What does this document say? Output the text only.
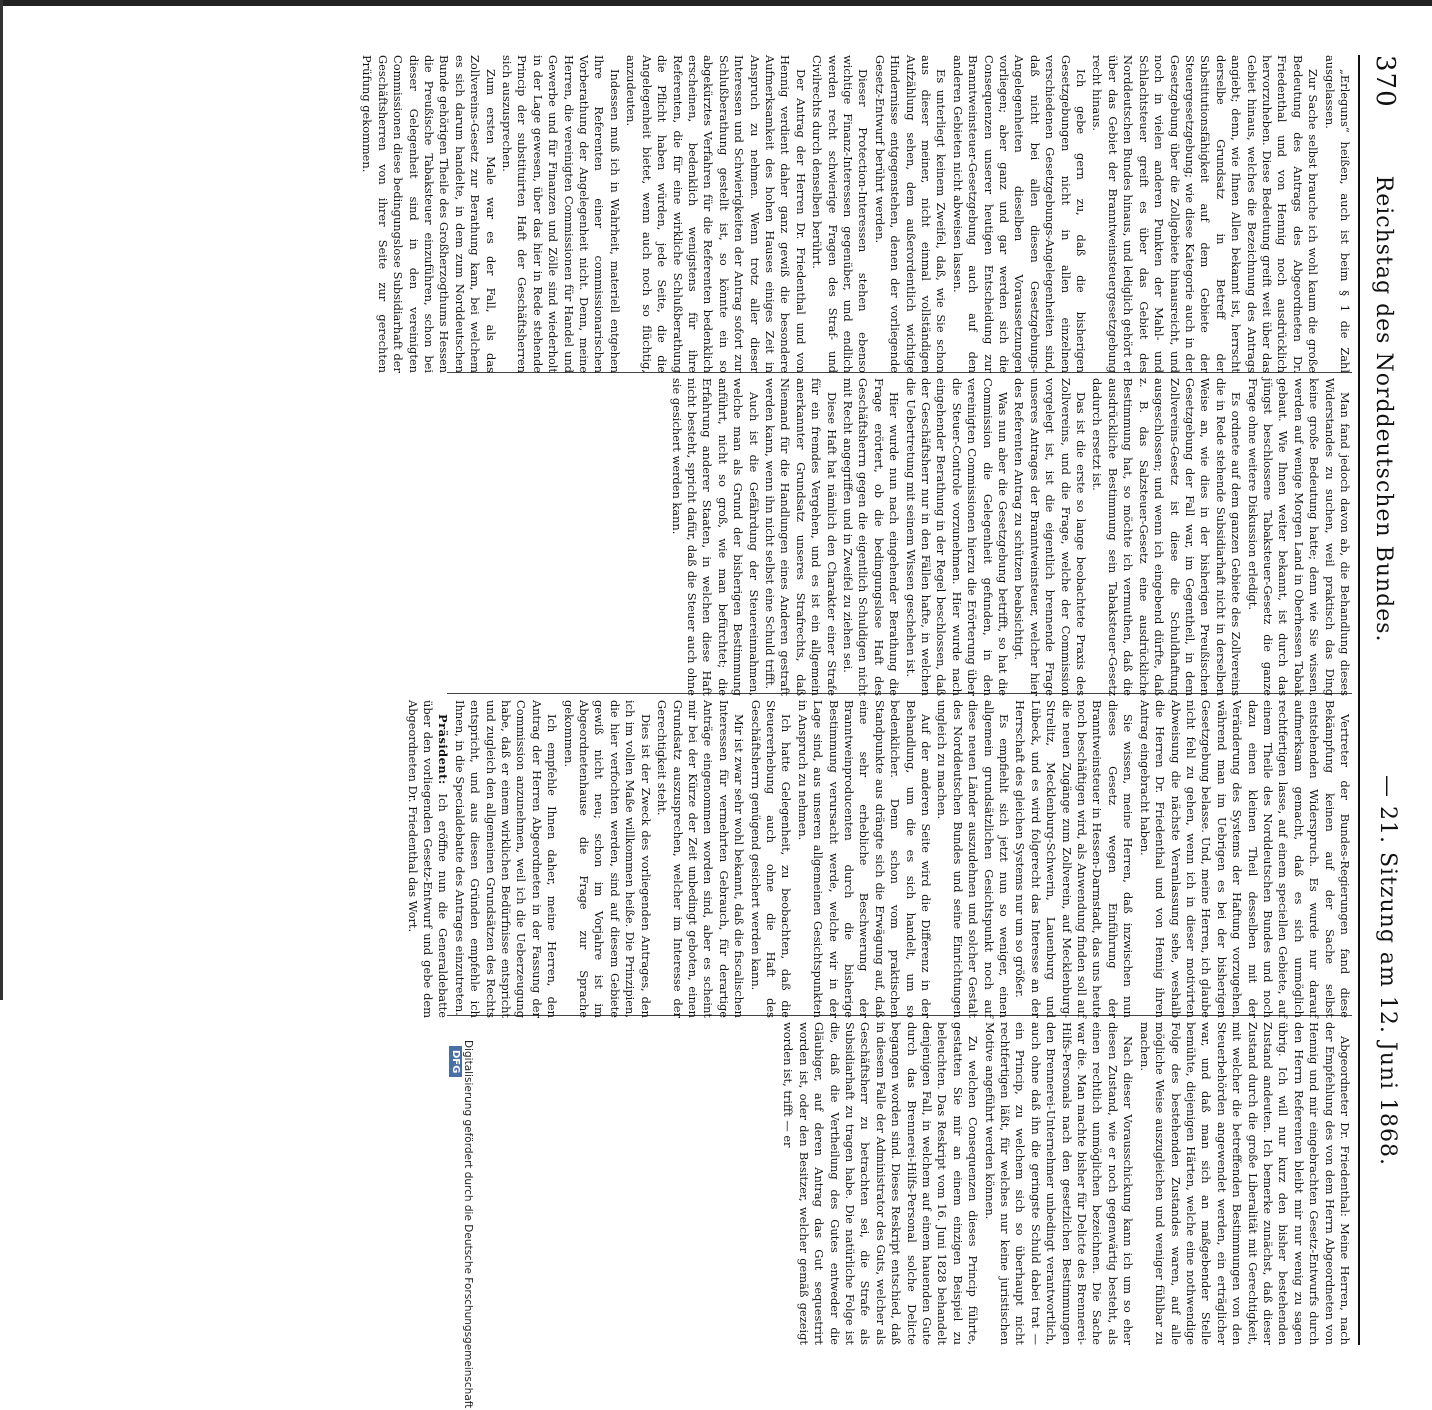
370 Reichstag des Norddeutschen Bundes.
— 21. Sitzung am 12. Juni 1868.

„Erleguns“ heißen, auch ist beim § 1 die Zahl ausgelassen.

Zur Sache selbst brauche ich wohl kaum die große Bedeutung des Antrags des Abgeordneten Dr. Friedenthal und von Hennig noch ausdrücklich hervorzuheben. Diese Bedeutung greift weit über das Gebiet hinaus, welches die Bezeichnung des Antrags angiebt; denn, wie Ihnen Allen bekannt ist, herrscht derselbe Grundsatz in Betreff der Substitutionsfähigkeit auf dem Gebiete der Steuergesetzgebung; wie diese Kategorie auch in der Gesetzgebung über die Zollgebiete hinausreicht, und noch in vielen anderen Punkten der Mahl- und Schlachtsteuer greift es über das Gebiet des Norddeutschen Bundes hinaus, und lediglich gehört er über das Gebiet der Branntweinsteuergesetzgebung recht hinaus.

Ich gebe gern zu, daß die bisherigen Gesetzgebungen nicht in allen einzelnen verschiedenen Gesetzgebungs-Angelegenheiten sind, daß nicht bei allen diesen Gesetzgebungs-Angelegenheiten dieselben Voraussetzungen vorliegen; aber ganz und gar werden sich die Consequenzen unserer heutigen Entscheidung zur Branntweinsteuer-Gesetzgebung auch auf den anderen Gebieten nicht abweisen lassen.

Es unterliegt keinem Zweifel, daß, wie Sie schon aus dieser meiner, nicht einmal vollständigen Aufzählung sehen, dem außerordentlich wichtige Hindernisse entgegenstehen, denen der vorliegende Gesetz-Entwurf berührt werden.

Dieser Protection-Interessen stehen ebenso wichtige Finanz-Interessen gegenüber, und endlich werden recht schwierige Fragen des Straf- und Civilrechts durch denselben berührt.

Der Antrag der Herren Dr. Friedenthal und von Hennig verdient daher ganz gewiß die besondere Aufmerksamkeit des hohen Hauses einiges Zeit in Anspruch zu nehmen. Wenn trotz aller dieser Interessen und Schwierigkeiten der Antrag sofort zur Schlußberathung gestellt ist, so könnte ein so abgekürztes Verfahren für die Referenten bedenklich erscheinen, bedenklich wenigstens für ihre Referenten, die für eine wirkliche Schlußberathung die Pflicht haben würden, jede Seite, die die Angelegenheit bietet, wenn auch noch so flüchtig, anzudeuten.

Indessen muß ich in Wahrheit, materiell entgehen Ihre Referenten einer commissionarischen Vorberathung der Angelegenheit nicht. Denn, meine Herren, die vereinigten Commissionen für Handel und Gewerbe und für Finanzen und Zölle sind wiederholt in der Lage gewesen, über das hier in Rede stehende Princip der substituirten Haft der Geschäftsherren sich auszusprechen.

Zum ersten Male war es der Fall, als das Zollvereins-Gesetz zur Berathung kam, bei welchem es sich darum handelte, in dem zum Norddeutschen Bunde gehörigen Theile des Großherzogthums Hessen die Preußische Tabaksteuer einzuführen, schon bei dieser Gelegenheit sind in den vereinigten Commissionen diese bedingungslose Subsidiarhaft der Geschäftsherren von ihrer Seite zur gerechten Prüfung gekommen.

Man fand jedoch davon ab, die Behandlung dieses Widerstandes zu suchen, weil praktisch das Ding keine große Bedeutung hatte; denn wie Sie wissen, werden auf wenige Morgen Land in Oberhessen Tabak gebaut. Wie Ihnen weiter bekannt, ist durch das jüngst beschlossene Tabaksteuer-Gesetz die ganze Frage ohne weitere Diskussion erledigt.

Es ordnete auf dem ganzen Gebiete des Zollvereins die in Rede stehende Subsidiarhaft nicht in derselben Weise an, wie dies in der bisherigen Preußischen Gesetzgebung der Fall war, im Gegentheil, in dem Zollvereins-Gesetz ist diese die Schuldhaftung ausgeschlossen; und wenn ich eingebend dürfte, daß z. B. das Salzsteuer-Gesetz eine ausdrückliche Bestimmung hat, so möchte ich vermuthen, daß die ausdrückliche Bestimmung sein Tabaksteuer-Gesetz dadurch ersetzt ist.

Das ist die erste so lange beobachtete Praxis des Zollvereins, und die Frage, welche der Commission vorgelegt ist, ist die eigentlich brennende Frage unseres Antrages der Branntweinsteuer, welcher hier des Referenten Antrag zu schützen beabsichtigt.

Was nun aber die Gesetzgebung betrifft, so hat die Commission die Gelegenheit gefunden, in den vereinigten Commissionen hierzu die Erörterung über die Steuer-Controle vorzunehmen. Hier wurde nach eingehender Berathung in der Regel beschlossen, daß der Geschäftsherr nur in den Fällen hafte, in welchen die Uebertretung mit seinem Wissen geschehen ist.

Hier wurde nun nach eingehender Berathung die Frage erörtert, ob die bedingungslose Haft des Geschäftsherrn gegen die eigentlich Schuldigen nicht mit Recht angegriffen und in Zweifel zu ziehen sei.

Diese Haft hat nämlich den Charakter einer Strafe für ein fremdes Vergehen, und es ist ein allgemein anerkannter Grundsatz unseres Strafrechts, daß Niemand für die Handlungen eines Anderen gestraft werden kann, wenn ihn nicht selbst eine Schuld trifft.

Auch ist die Gefährdung der Steuereinnahmen, welche man als Grund der bisherigen Bestimmung anführt, nicht so groß, wie man befürchtet; die Erfahrung anderer Staaten, in welchen diese Haft nicht besteht, spricht dafür, daß die Steuer auch ohne sie gesichert werden kann.

Vertreter der Bundes-Regierungen fand diese Bekämpfung keinen auf der Sache selbst entstehenden Widerspruch. Es wurde nur darauf aufmerksam gemacht, daß es sich unmöglich rechtfertigen lasse, auf einem speciellen Gebiete, auf einem Theile des Norddeutschen Bundes und noch dazu einen kleinen Theil desselben mit der Veränderung des Systems der Haftung vorzugehen, während man im Uebrigen es bei der bisherigen Gesetzgebung belasse. Und, meine Herren, ich glaube nicht fehl zu gehen, wenn ich in dieser motivirten Abweisung die nächste Veranlassung sehe, weshalb die Herren Dr. Friedenthal und von Hennig ihren Antrag eingebracht haben.

Sie wissen, meine Herren, daß inzwischen nun dieses Gesetz wegen Einführung der Branntweinsteuer in Hessen-Darmstadt, das uns heute noch beschäftigen wird, als Anwendung finden soll auf die neuen Zugänge zum Zollverein, auf Mecklenburg-Strelitz, Mecklenburg-Schwerin, Lauenburg und Lübeck, und es wird folgerecht das Interesse an der Herrschaft des gleichen Systems nur um so größer.

Es empfiehlt sich jetzt nun so weniger, einen allgemein grundsätzlichen Gesichtspunkt noch auf diese neuen Länder auszudehnen und solcher Gestalt des Norddeutschen Bundes und seine Einrichtungen ungleich zu machen.

Auf der anderen Seite wird die Differenz in der Behandlung, um die es sich handelt, um so bedenklicher. Denn schon vom praktischen Standpunkte aus drängte sich die Erwägung auf, daß eine sehr erhebliche Beschwerung der Branntweinproducenten durch die bisherige Bestimmung verursacht werde, welche wir in der Lage sind, aus unseren allgemeinen Gesichtspunkten in Anspruch zu nehmen.

Ich hatte Gelegenheit, zu beobachten, daß die Steuererhebung auch ohne die Haft des Geschäftsherrn genügend gesichert werden kann.

Mir ist zwar sehr wohl bekannt, daß die fiscalischen Interessen für vermehrten Gebrauch, für derartige Anträge eingenommen worden sind, aber es scheint mir bei der Kürze der Zeit unbedingt geboten, einen Grundsatz auszusprechen, welcher im Interesse der Gerechtigkeit steht.

Dies ist der Zweck des vorliegenden Antrages, den ich im vollen Maße willkommen heiße. Die Prinzipien, die hier verfochten werden, sind auf diesem Gebiete gewiß nicht neu; schon im Vorjahre ist im Abgeordnetenhause die Frage zur Sprache gekommen.

Ich empfehle Ihnen daher, meine Herren, den Antrag der Herren Abgeordneten in der Fassung der Commission anzunehmen, weil ich die Ueberzeugung habe, daß er einem wirklichen Bedürfnisse entspricht und zugleich den allgemeinen Grundsätzen des Rechts entspricht, und aus diesen Gründen empfehle ich Ihnen, in die Specialdebatte des Antrages einzutreten.

Präsident: Ich eröffne nun die Generaldebatte über den vorliegenden Gesetz-Entwurf und gebe dem Abgeordneten Dr. Friedenthal das Wort.

Abgeordneter Dr. Friedenthal: Meine Herren, nach der Empfehlung des von dem Herrn Abgeordneten von Hennig und mir eingebrachten Gesetz-Entwurfs durch den Herrn Referenten bleibt mir nur wenig zu sagen übrig. Ich will nur kurz den bisher bestehenden Zustand andeuten. Ich bemerke zunächst, daß dieser Zustand durch die große Liberalität mit Gerechtigkeit, mit welcher die betreffenden Bestimmungen von den Steuerbehörden angewendet werden, ein erträglicher war, und daß man sich an maßgebender Stelle bemühte, diejenigen Härten, welche eine nothwendige Folge des bestehenden Zustandes waren, auf alle mögliche Weise auszugleichen und weniger fühlbar zu machen.

Nach dieser Vorausschickung kann ich um so eher diesen Zustand, wie er noch gegenwärtig besteht, als einen rechtlich unmöglichen bezeichnen. Die Sache war die. Man machte bisher für Delicte des Brennerei-Hilfs-Personals nach den gesetzlichen Bestimmungen den Brennerei-Unternehmer unbedingt verantwortlich, auch ohne daß ihn die geringste Schuld dabei trat — ein Princip, zu welchem sich so überhaupt nicht rechtfertigen läßt, für welches nur keine juristischen Motive angeführt werden können.

Zu welchen Consequenzen dieses Princip führte, gestatten Sie mir an einem einzigen Beispiel zu beleuchten. Das Reskript vom 16. Juni 1828 behandelt denjenigen Fall, in welchem auf einem hauenden Gute durch das Brennerei-Hilfs-Personal solche Delicte begangen worden sind. Dieses Reskript entschied, daß in diesem Falle der Administrator des Guts, welcher als Geschäftsherr zu betrachten sei, die Strafe als Subsidiarhaft zu tragen habe. Die natürliche Folge ist die, daß die Vertheilung des Gutes entweder die Gläubiger, auf deren Antrag das Gut sequestrirt worden ist, oder den Besitzer, welcher gemäß gezeigt worden ist, trifft — er

Digitalisierung gefördert durch die Deutsche Forschungsgemeinschaft DFG
